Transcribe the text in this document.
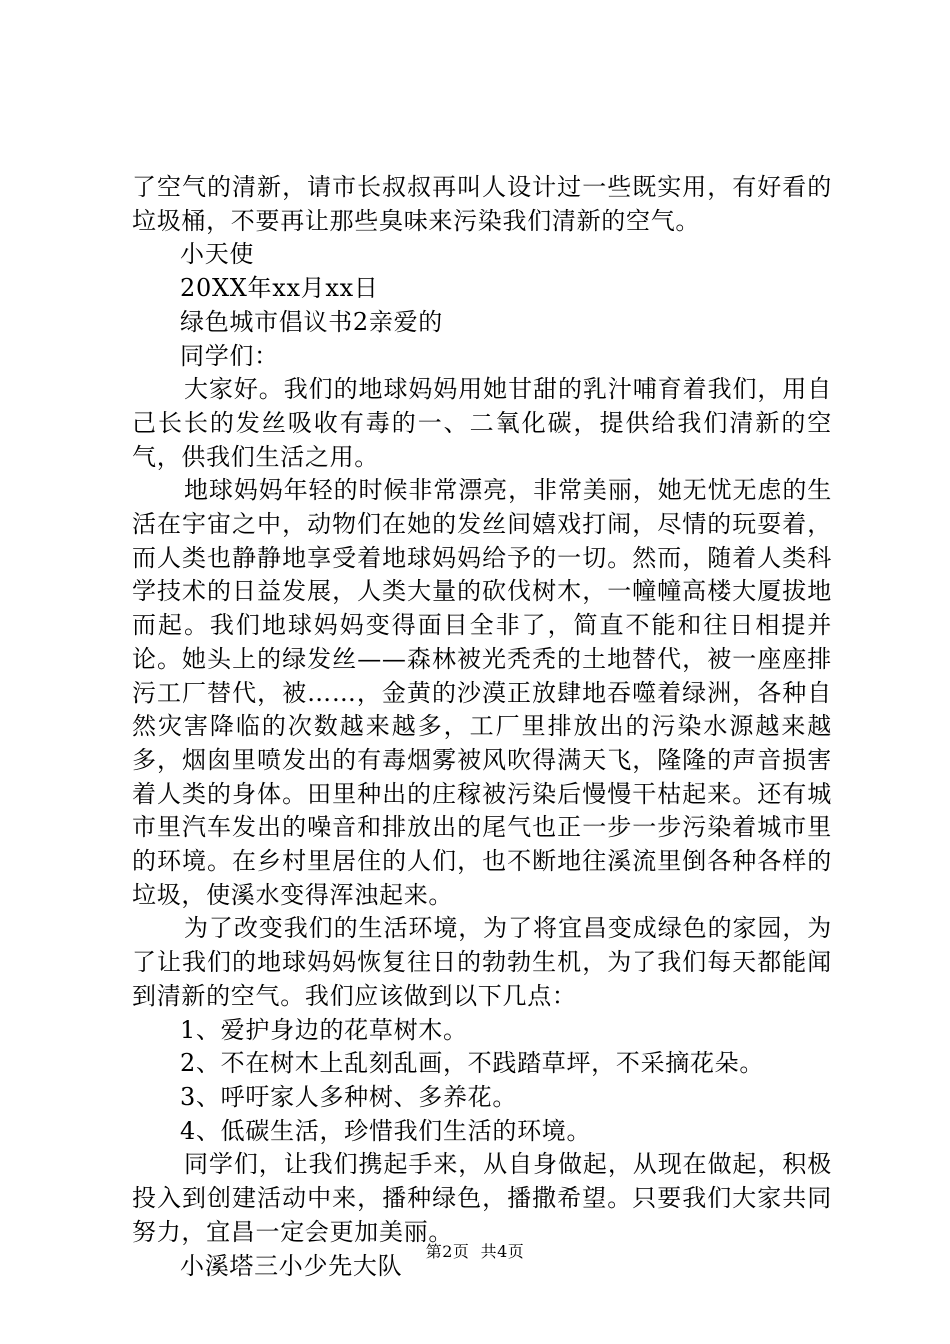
了空气的清新，请市长叔叔再叫人设计过一些既实用，有好看的垃圾桶，不要再让那些臭味来污染我们清新的空气。

小天使

20XX年xx月xx日

绿色城市倡议书2亲爱的

同学们：

大家好。我们的地球妈妈用她甘甜的乳汁哺育着我们，用自己长长的发丝吸收有毒的一、二氧化碳，提供给我们清新的空气，供我们生活之用。

地球妈妈年轻的时候非常漂亮，非常美丽，她无忧无虑的生活在宇宙之中，动物们在她的发丝间嬉戏打闹，尽情的玩耍着，而人类也静静地享受着地球妈妈给予的一切。然而，随着人类科学技术的日益发展，人类大量的砍伐树木，一幢幢高楼大厦拔地而起。我们地球妈妈变得面目全非了，简直不能和往日相提并论。她头上的绿发丝——森林被光秃秃的土地替代，被一座座排污工厂替代，被……，金黄的沙漠正放肆地吞噬着绿洲，各种自然灾害降临的次数越来越多，工厂里排放出的污染水源越来越多，烟囱里喷发出的有毒烟雾被风吹得满天飞，隆隆的声音损害着人类的身体。田里种出的庄稼被污染后慢慢干枯起来。还有城市里汽车发出的噪音和排放出的尾气也正一步一步污染着城市里的环境。在乡村里居住的人们，也不断地往溪流里倒各种各样的垃圾，使溪水变得浑浊起来。

为了改变我们的生活环境，为了将宜昌变成绿色的家园，为了让我们的地球妈妈恢复往日的勃勃生机，为了我们每天都能闻到清新的空气。我们应该做到以下几点：

1、爱护身边的花草树木。

2、不在树木上乱刻乱画，不践踏草坪，不采摘花朵。

3、呼吁家人多种树、多养花。

4、低碳生活，珍惜我们生活的环境。

同学们，让我们携起手来，从自身做起，从现在做起，积极投入到创建活动中来，播种绿色，播撒希望。只要我们大家共同努力，宜昌一定会更加美丽。

小溪塔三小少先大队	第2页  共4页
